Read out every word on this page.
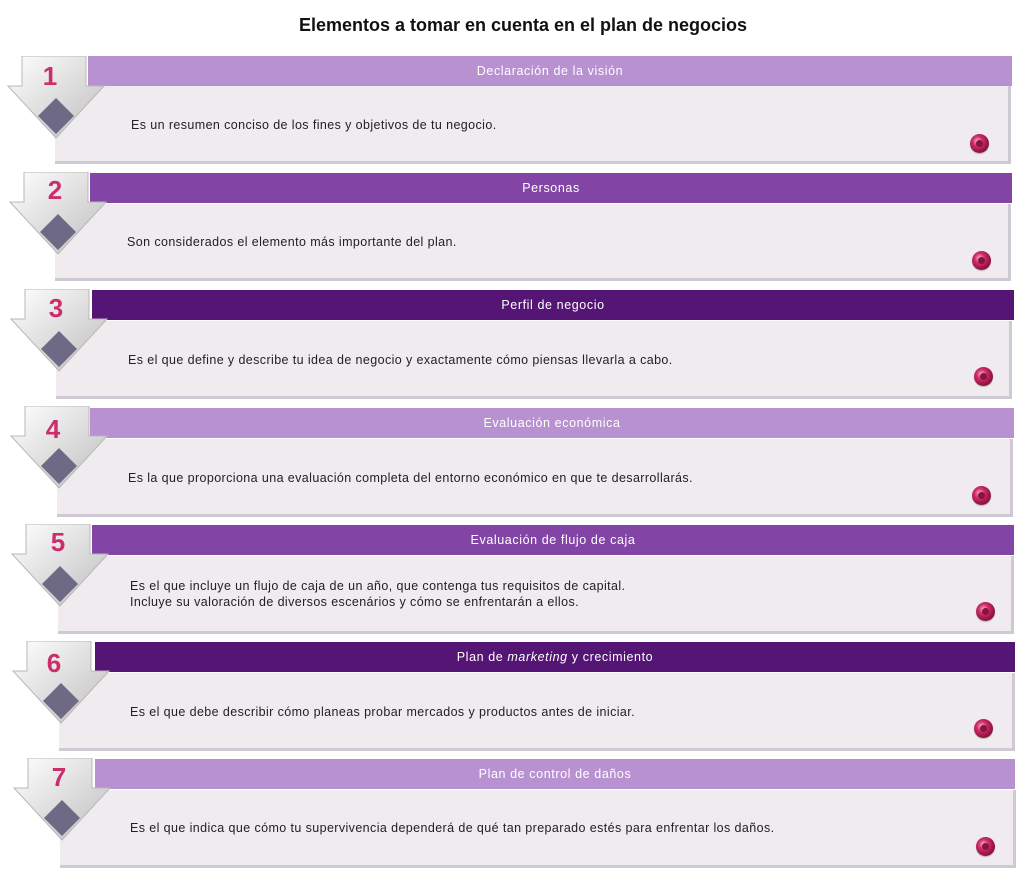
Elementos a tomar en cuenta en el plan de negocios
Declaración de la visión
1
Es un resumen conciso de los fines y objetivos de tu negocio.
Personas
2
Son considerados el elemento más importante del plan.
Perfil de negocio
3
Es el que define y describe tu idea de negocio y exactamente cómo piensas llevarla a cabo.
Evaluación económica
4
Es la que proporciona una evaluación completa del entorno económico en que te desarrollarás.
Evaluación de flujo de caja
5
Es el que incluye un flujo de caja de un año, que contenga tus requisitos de capital.
Incluye su valoración de diversos escenários y cómo se enfrentarán a ellos.
Plan de marketing y crecimiento
6
Es el que debe describir cómo planeas probar mercados y productos antes de iniciar.
Plan de control de daños
7
Es el que indica que cómo tu supervivencia dependerá de qué tan preparado estés para enfrentar los daños.
